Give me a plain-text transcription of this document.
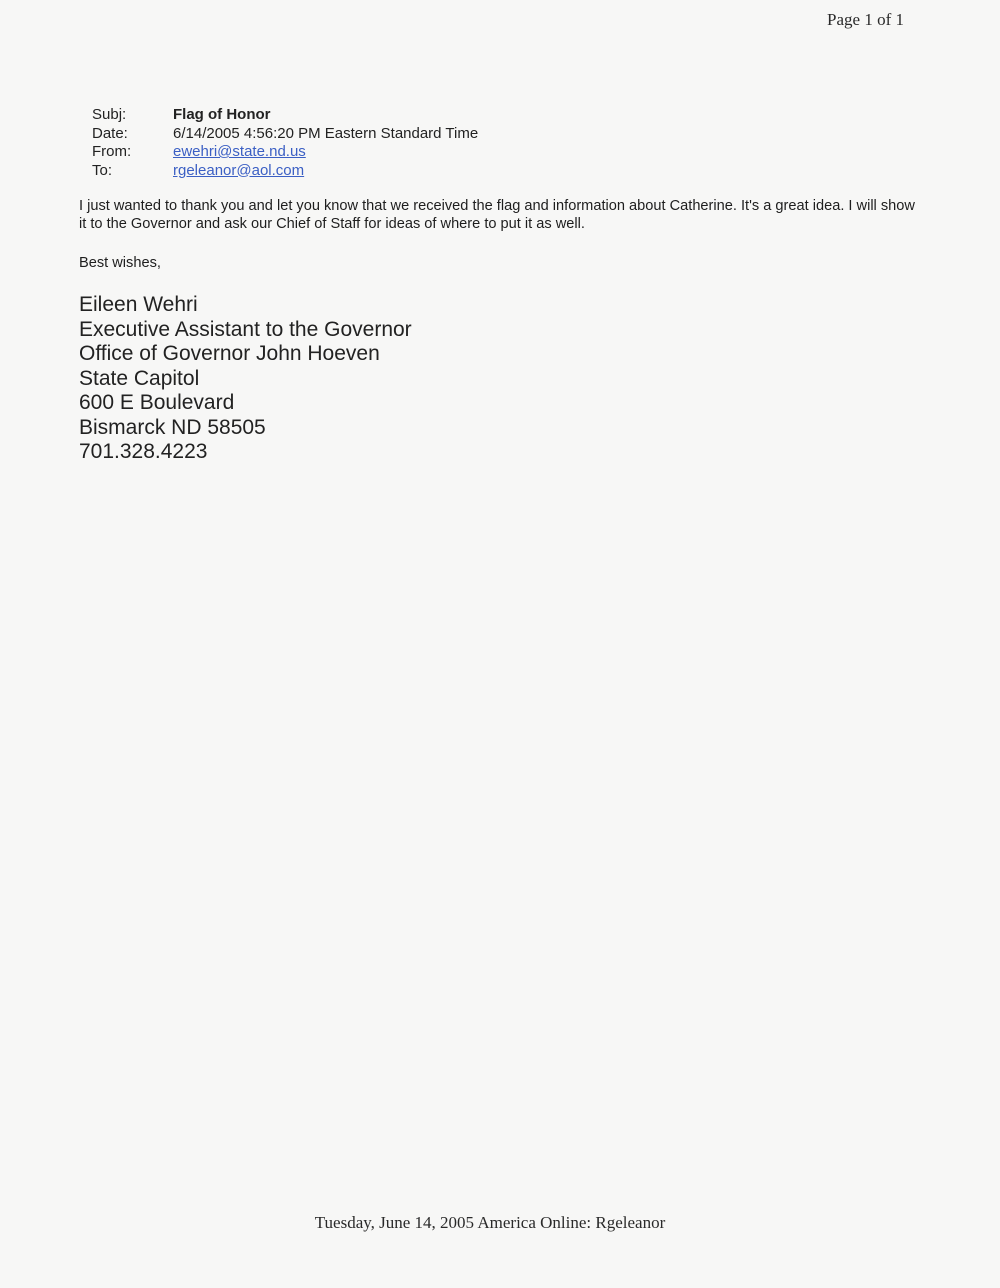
Page 1 of 1
Subj:	Flag of Honor
Date:	6/14/2005 4:56:20 PM Eastern Standard Time
From:	ewehri@state.nd.us
To:	rgeleanor@aol.com

I just wanted to thank you and let you know that we received the flag and information about Catherine. It's a great idea. I will show it to the Governor and ask our Chief of Staff for ideas of where to put it as well.

Best wishes,

Eileen Wehri
Executive Assistant to the Governor
Office of Governor John Hoeven
State Capitol
600 E Boulevard
Bismarck ND 58505
701.328.4223
Tuesday, June 14, 2005 America Online: Rgeleanor
